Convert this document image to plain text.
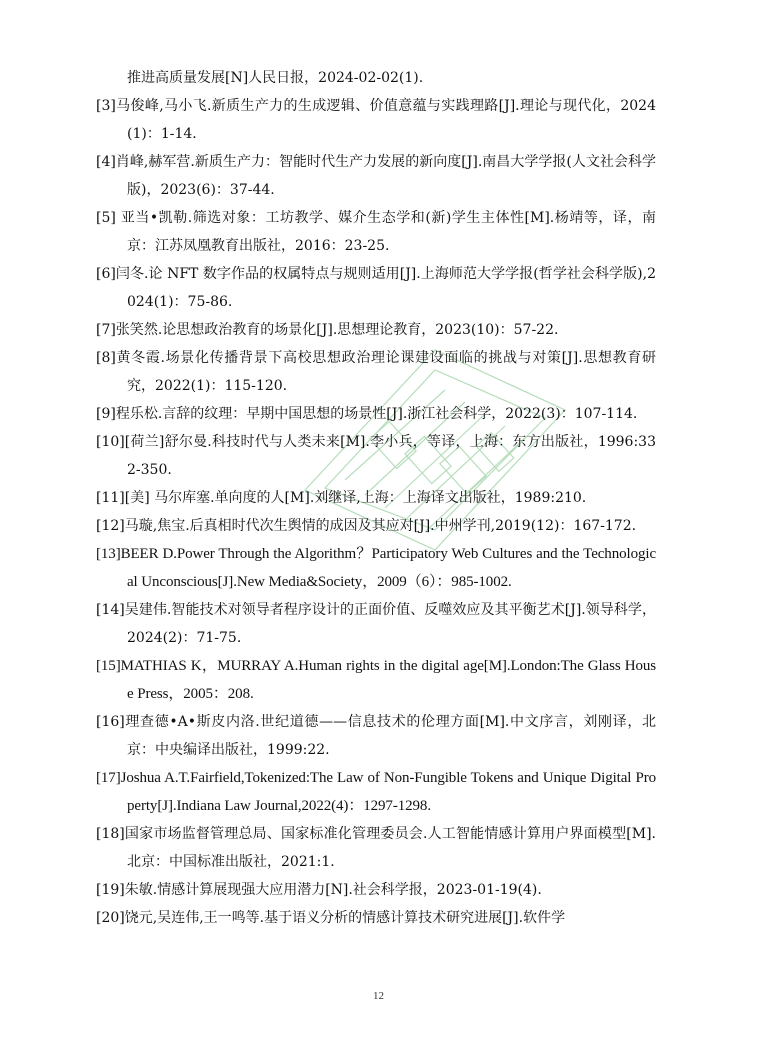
推进高质量发展[N]人民日报，2024-02-02(1).
[3]马俊峰,马小飞.新质生产力的生成逻辑、价值意蕴与实践理路[J].理论与现代化，2024(1)：1-14.
[4]肖峰,赫军营.新质生产力：智能时代生产力发展的新向度[J].南昌大学学报(人文社会科学版)，2023(6)：37-44.
[5] 亚当•凯勒.筛选对象：工坊教学、媒介生态学和(新)学生主体性[M].杨靖等，译，南京：江苏凤凰教育出版社，2016：23-25.
[6]闫冬.论 NFT 数字作品的权属特点与规则适用[J].上海师范大学学报(哲学社会科学版),2024(1)：75-86.
[7]张笑然.论思想政治教育的场景化[J].思想理论教育，2023(10)：57-22.
[8]黄冬霞.场景化传播背景下高校思想政治理论课建设面临的挑战与对策[J].思想教育研究，2022(1)：115-120.
[9]程乐松.言辞的纹理：早期中国思想的场景性[J].浙江社会科学，2022(3)：107-114.
[10][荷兰]舒尔曼.科技时代与人类未来[M].李小兵，等译，上海：东方出版社，1996:332-350.
[11][美] 马尔库塞.单向度的人[M].刘继译,上海：上海译文出版社，1989:210.
[12]马璇,焦宝.后真相时代次生舆情的成因及其应对[J].中州学刊,2019(12)：167-172.
[13]BEER D.Power Through the Algorithm？Participatory Web Cultures and the Technological Unconscious[J].New Media&Society，2009（6）：985-1002.
[14]吴建伟.智能技术对领导者程序设计的正面价值、反噬效应及其平衡艺术[J].领导科学，2024(2)：71-75.
[15]MATHIAS K，MURRAY A.Human rights in the digital age[M].London:The Glass House Press，2005：208.
[16]理查德•A•斯皮内洛.世纪道德——信息技术的伦理方面[M].中文序言，刘刚译，北京：中央编译出版社，1999:22.
[17]Joshua A.T.Fairfield,Tokenized:The Law of Non-Fungible Tokens and Unique Digital Property[J].Indiana Law Journal,2022(4)：1297-1298.
[18]国家市场监督管理总局、国家标准化管理委员会.人工智能情感计算用户界面模型[M].北京：中国标准出版社，2021:1.
[19]朱敏.情感计算展现强大应用潜力[N].社会科学报，2023-01-19(4).
[20]饶元,吴连伟,王一鸣等.基于语义分析的情感计算技术研究进展[J].软件学
12
